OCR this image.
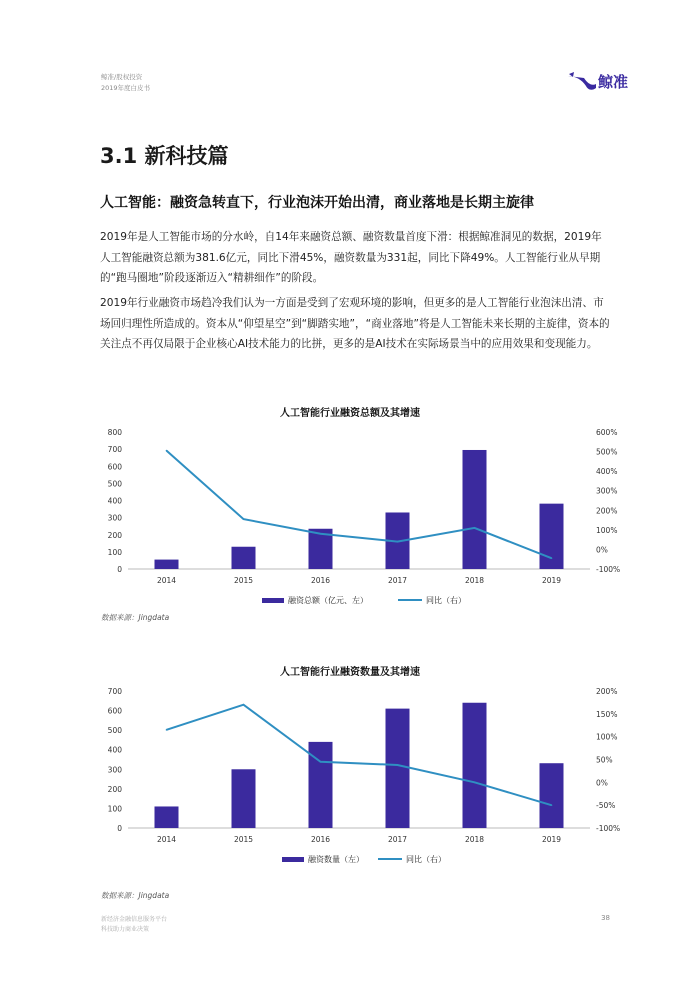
鲸准/股权投资
2019年度白皮书	鲸准
3.1 新科技篇
人工智能：融资急转直下，行业泡沫开始出清，商业落地是长期主旋律
2019年是人工智能市场的分水岭，自14年来融资总额、融资数量首度下滑：根据鲸准洞见的数据，2019年人工智能融资总额为381.6亿元，同比下滑45%，融资数量为331起，同比下降49%。人工智能行业从早期的“跑马圈地”阶段逐渐迈入“精耕细作”的阶段。
2019年行业融资市场趋冷我们认为一方面是受到了宏观环境的影响，但更多的是人工智能行业泡沫出清、市场回归理性所造成的。资本从“仰望星空”到“脚踏实地”，“商业落地”将是人工智能未来长期的主旋律，资本的关注点不再仅局限于企业核心AI技术能力的比拼，更多的是AI技术在实际场景当中的应用效果和变现能力。
人工智能行业融资总额及其增速
0
100
200
300
400
500
600
700
800
-100%
0%
100%
200%
300%
400%
500%
600%
2014	2015	2016	2017	2018	2019
融资总额（亿元、左）	同比（右）
数据来源：Jingdata
人工智能行业融资数量及其增速
0
100
200
300
400
500
600
700
-100%
-50%
0%
50%
100%
150%
200%
2014	2015	2016	2017	2018	2019
融资数量（左）	同比（右）
数据来源：Jingdata
新经济金融信息服务平台
科技助力商业决策
38
